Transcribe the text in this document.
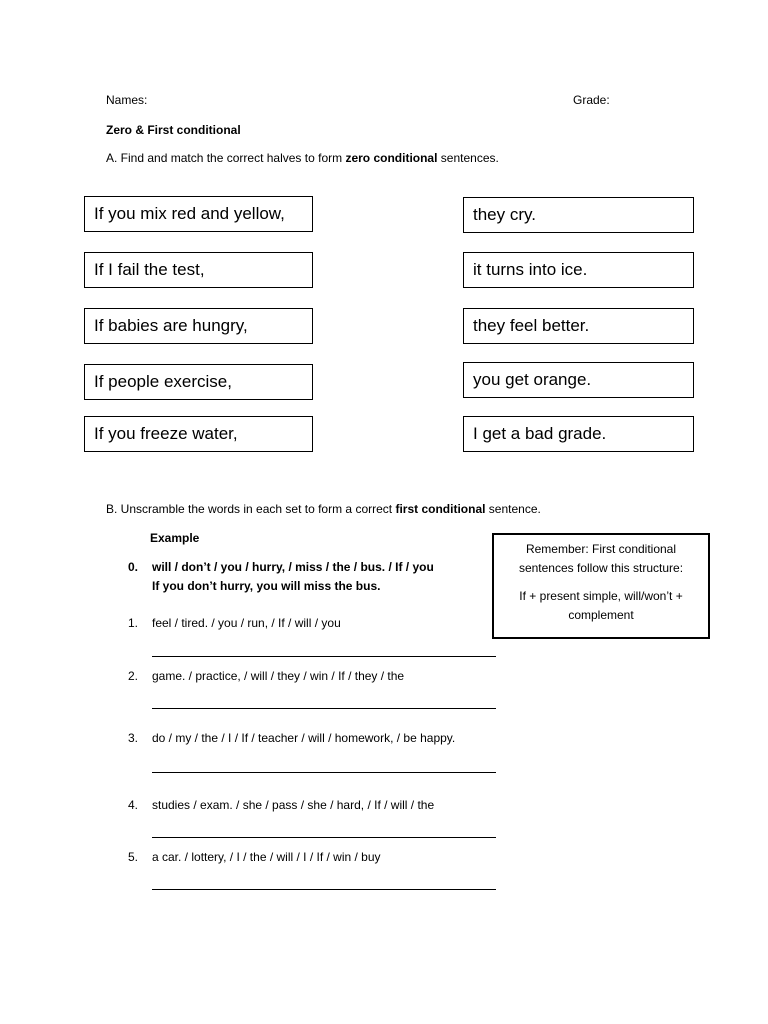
Names:	Grade:
Zero & First conditional
A. Find and match the correct halves to form zero conditional sentences.
If you mix red and yellow,
If I fail the test,
If babies are hungry,
If people exercise,
If you freeze water,
they cry.
it turns into ice.
they feel better.
you get orange.
I get a bad grade.
B. Unscramble the words in each set to form a correct first conditional sentence.
Example
0.	will / don’t / you / hurry, / miss / the / bus. / If / you
If you don’t hurry, you will miss the bus.

Remember: First conditional sentences follow this structure:

If + present simple, will/won’t + complement

1.	feel / tired. / you / run, / If / will / you
2.	game. / practice, / will / they / win / If / they / the
3.	do / my / the / I / If / teacher / will / homework, / be happy.
4.	studies / exam. / she / pass / she / hard, / If / will / the
5.	a car. / lottery, / I / the / will / I / If / win / buy
